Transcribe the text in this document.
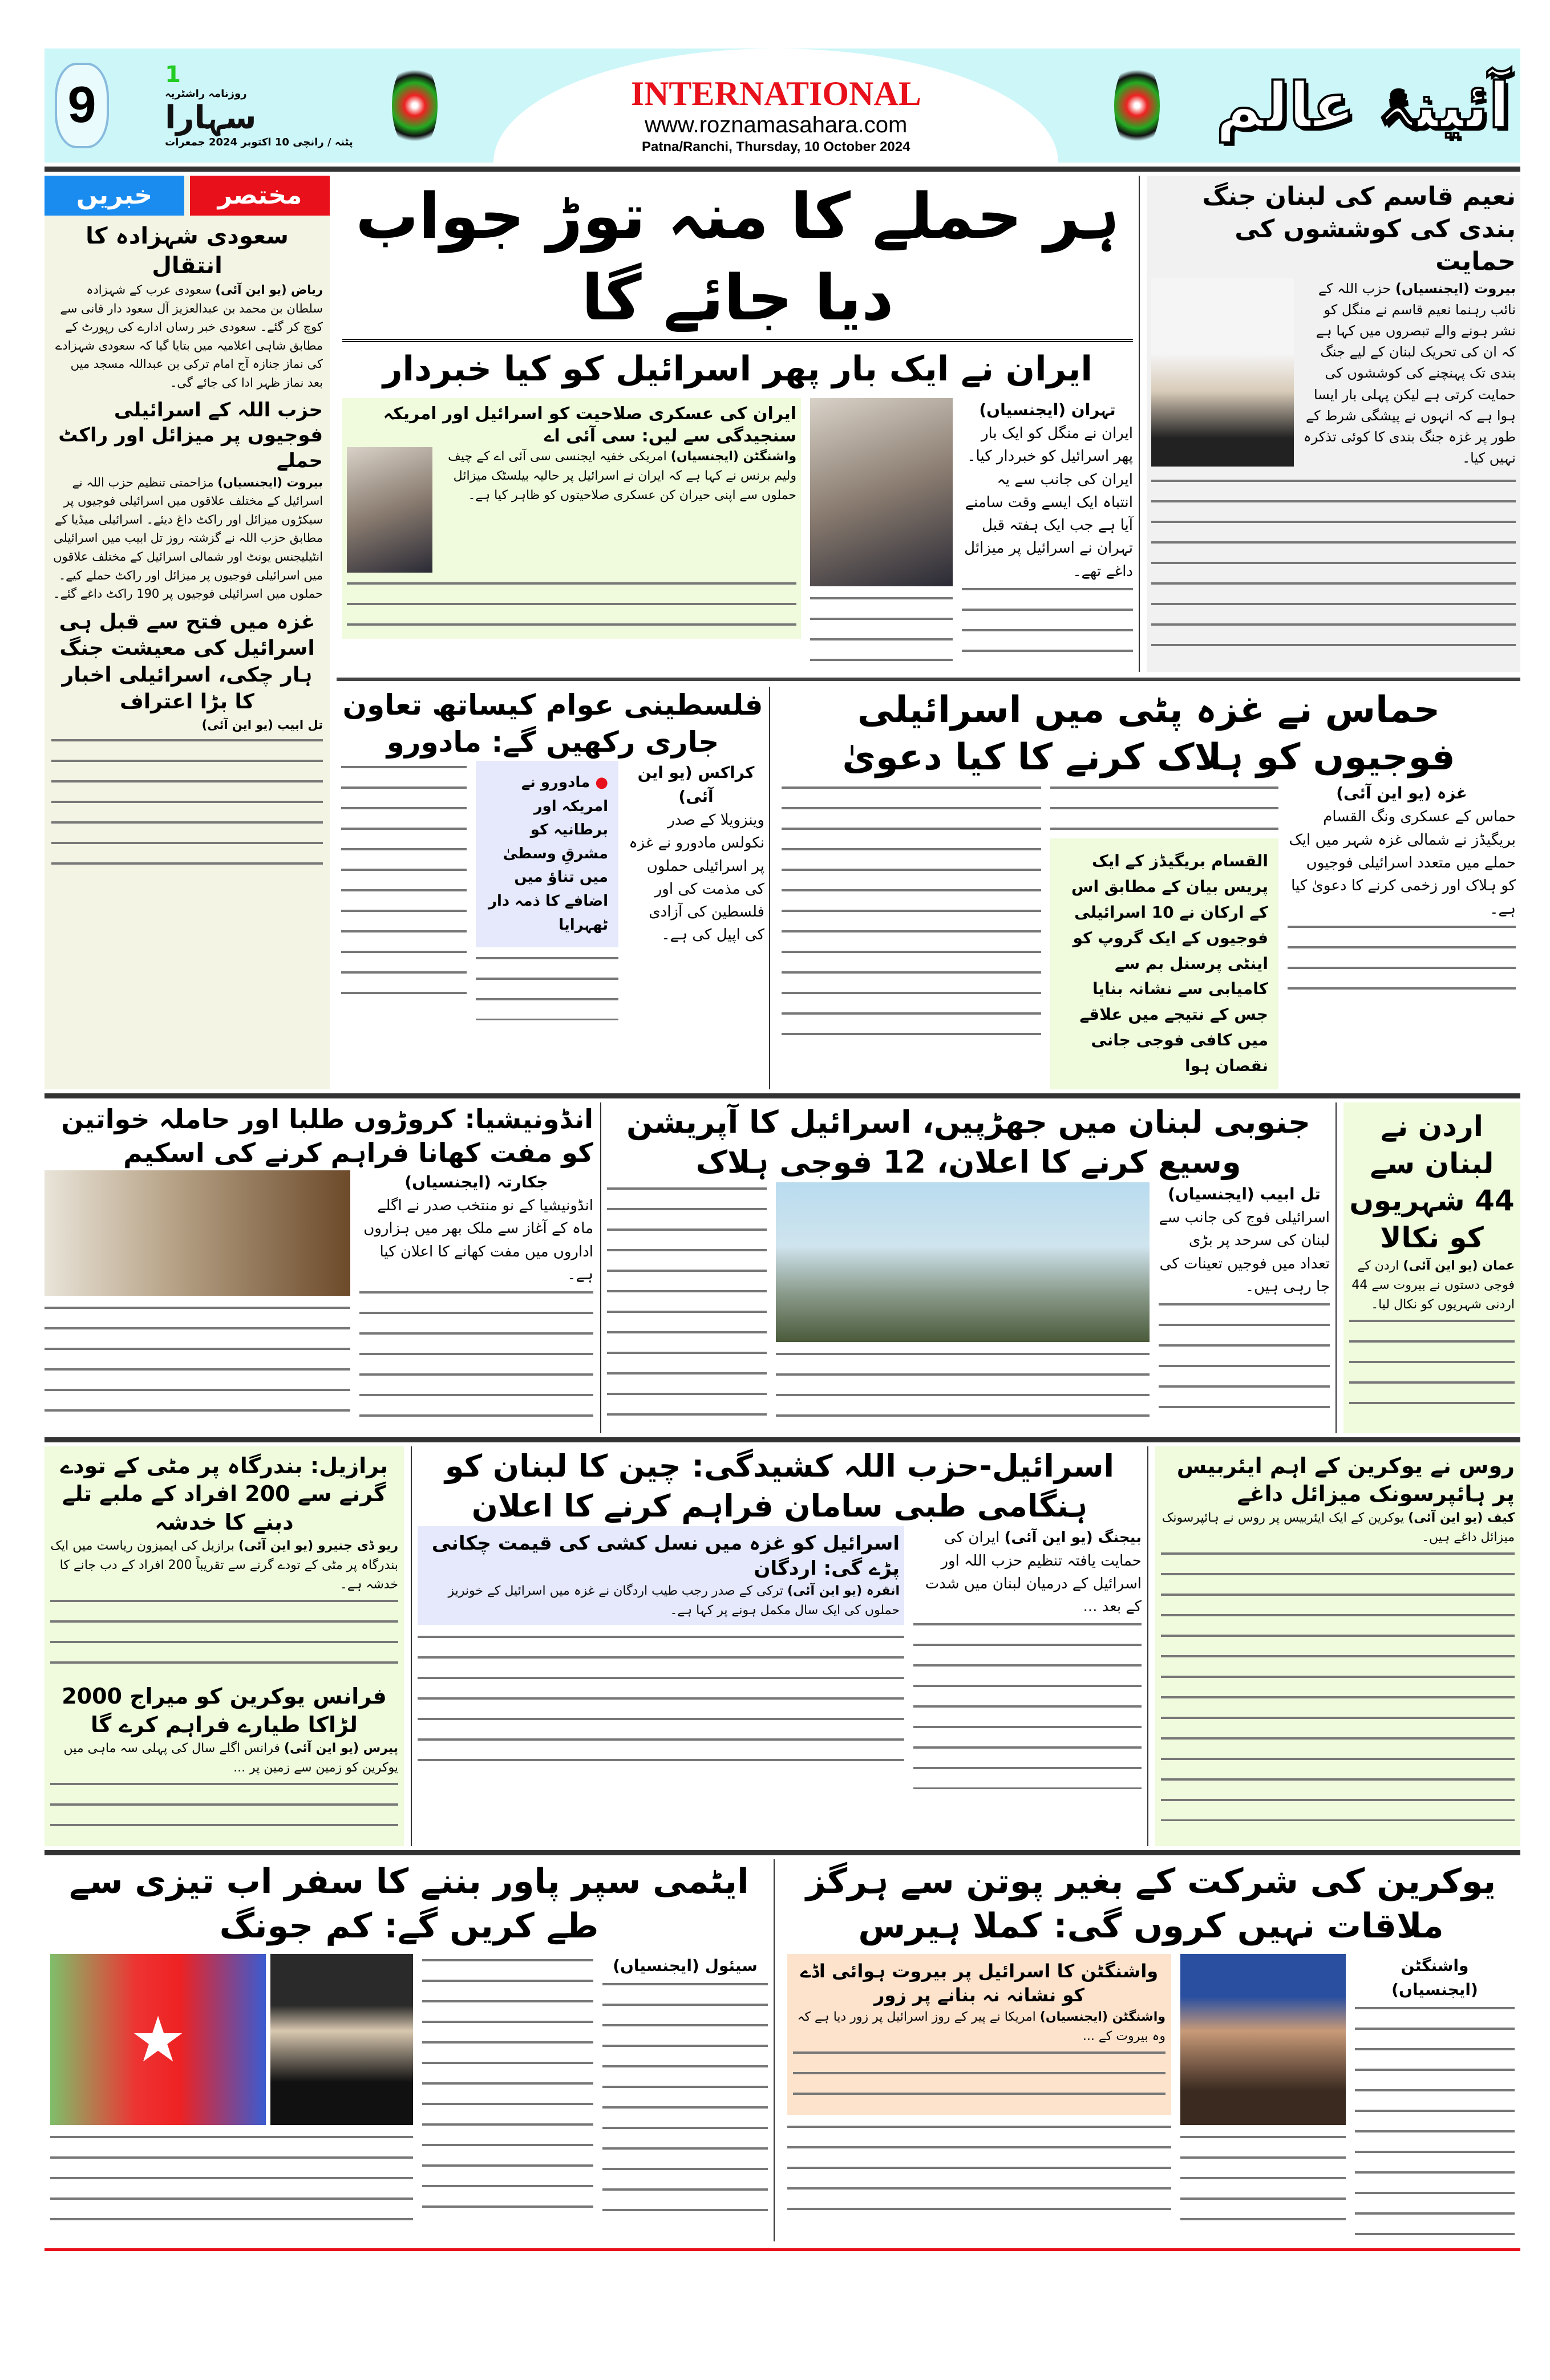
9
1
روزنامہ راشٹریہ
سہارا
پٹنہ / رانچی 10 اکتوبر 2024 جمعرات
INTERNATIONAL
www.roznamasahara.com
Patna/Ranchi, Thursday, 10 October 2024
آئینۂ عالم
خبریں	مختصر
سعودی شہزادہ کا انتقال

ریاض (یو این آئی) سعودی عرب کے شہزادہ سلطان بن محمد بن عبدالعزیز آل سعود دار فانی سے کوچ کر گئے۔ سعودی خبر رساں ادارے کی رپورٹ کے مطابق شاہی اعلامیہ میں بتایا گیا کہ سعودی شہزادے کی نماز جنازہ آج امام ترکی بن عبداللہ مسجد میں بعد نماز ظہر ادا کی جائے گی۔

حزب اللہ کے اسرائیلی فوجیوں پر میزائل اور راکٹ حملے

بیروت (ایجنسیاں) مزاحمتی تنظیم حزب اللہ نے اسرائیل کے مختلف علاقوں میں اسرائیلی فوجیوں پر سیکڑوں میزائل اور راکٹ داغ دیئے۔ اسرائیلی میڈیا کے مطابق حزب اللہ نے گزشتہ روز تل ابیب میں اسرائیلی انٹیلیجنس یونٹ اور شمالی اسرائیل کے مختلف علاقوں میں اسرائیلی فوجیوں پر میزائل اور راکٹ حملے کیے۔ حملوں میں اسرائیلی فوجیوں پر 190 راکٹ داغے گئے۔

غزہ میں فتح سے قبل ہی اسرائیل کی معیشت جنگ ہار چکی، اسرائیلی اخبار کا بڑا اعتراف

تل ابیب (یو این آئی)

نعیم قاسم کی لبنان جنگ بندی کی کوششوں کی حمایت

بیروت (ایجنسیاں) حزب اللہ کے نائب رہنما نعیم قاسم نے منگل کو نشر ہونے والے تبصروں میں کہا ہے کہ ان کی تحریک لبنان کے لیے جنگ بندی تک پہنچنے کی کوششوں کی حمایت کرتی ہے لیکن پہلی بار ایسا ہوا ہے کہ انہوں نے پیشگی شرط کے طور پر غزہ جنگ بندی کا کوئی تذکرہ نہیں کیا۔

ہر حملے کا منہ توڑ جواب دیا جائے گا
ایران نے ایک بار پھر اسرائیل کو کیا خبردار

تہران (ایجنسیاں)

ایران نے منگل کو ایک بار پھر اسرائیل کو خبردار کیا۔ ایران کی جانب سے یہ انتباہ ایک ایسے وقت سامنے آیا ہے جب ایک ہفتہ قبل تہران نے اسرائیل پر میزائل داغے تھے۔

ایران کی عسکری صلاحیت کو اسرائیل اور امریکہ سنجیدگی سے لیں: سی آئی اے

واشنگٹن (ایجنسیاں) امریکی خفیہ ایجنسی سی آئی اے کے چیف ولیم برنس نے کہا ہے کہ ایران نے اسرائیل پر حالیہ بیلسٹک میزائل حملوں سے اپنی حیران کن عسکری صلاحیتوں کو ظاہر کیا ہے۔

حماس نے غزہ پٹی میں اسرائیلی فوجیوں کو ہلاک کرنے کا کیا دعویٰ

غزہ (یو این آئی)

حماس کے عسکری ونگ القسام بریگیڈز نے شمالی غزہ شہر میں ایک حملے میں متعدد اسرائیلی فوجیوں کو ہلاک اور زخمی کرنے کا دعویٰ کیا ہے۔

القسام بریگیڈز کے ایک پریس بیان کے مطابق اس کے ارکان نے 10 اسرائیلی فوجیوں کے ایک گروپ کو اینٹی پرسنل بم سے کامیابی سے نشانہ بنایا جس کے نتیجے میں علاقے میں کافی فوجی جانی نقصان ہوا
فلسطینی عوام کیساتھ تعاون جاری رکھیں گے: مادورو

کراکس (یو این آئی)

وینزویلا کے صدر نکولس مادورو نے غزہ پر اسرائیلی حملوں کی مذمت کی اور فلسطین کی آزادی کی اپیل کی ہے۔

● مادورو نے امریکہ اور برطانیہ کو مشرقِ وسطیٰ میں تناؤ میں اضافے کا ذمہ دار ٹھہرایا
اردن نے لبنان سے 44 شہریوں کو نکالا

عمان (یو این آئی) اردن کے فوجی دستوں نے بیروت سے 44 اردنی شہریوں کو نکال لیا۔

جنوبی لبنان میں جھڑپیں، اسرائیل کا آپریشن وسیع کرنے کا اعلان، 12 فوجی ہلاک

تل ابیب (ایجنسیاں)

اسرائیلی فوج کی جانب سے لبنان کی سرحد پر بڑی تعداد میں فوجیں تعینات کی جا رہی ہیں۔

انڈونیشیا: کروڑوں طلبا اور حاملہ خواتین کو مفت کھانا فراہم کرنے کی اسکیم

جکارتہ (ایجنسیاں)

انڈونیشیا کے نو منتخب صدر نے اگلے ماہ کے آغاز سے ملک بھر میں ہزاروں اداروں میں مفت کھانے کا اعلان کیا ہے۔

روس نے یوکرین کے اہم ایئربیس پر ہائپرسونک میزائل داغے

کیف (یو این آئی) یوکرین کے ایک ایئربیس پر روس نے ہائپرسونک میزائل داغے ہیں۔

اسرائیل-حزب اللہ کشیدگی: چین کا لبنان کو ہنگامی طبی سامان فراہم کرنے کا اعلان

بیجنگ (یو این آئی) ایران کی حمایت یافتہ تنظیم حزب اللہ اور اسرائیل کے درمیان لبنان میں شدت کے بعد ...

اسرائیل کو غزہ میں نسل کشی کی قیمت چکانی پڑے گی: اردگان

انقرہ (یو این آئی) ترکی کے صدر رجب طیب اردگان نے غزہ میں اسرائیل کے خونریز حملوں کی ایک سال مکمل ہونے پر کہا ہے۔

برازیل: بندرگاہ پر مٹی کے تودے گرنے سے 200 افراد کے ملبے تلے دبنے کا خدشہ

ریو ڈی جنیرو (یو این آئی) برازیل کی ایمیزون ریاست میں ایک بندرگاہ پر مٹی کے تودے گرنے سے تقریباً 200 افراد کے دب جانے کا خدشہ ہے۔

فرانس یوکرین کو میراج 2000 لڑاکا طیارے فراہم کرے گا

پیرس (یو این آئی) فرانس اگلے سال کی پہلی سہ ماہی میں یوکرین کو زمین سے زمین پر ...

یوکرین کی شرکت کے بغیر پوتن سے ہرگز ملاقات نہیں کروں گی: کملا ہیرس

واشنگٹن (ایجنسیاں)

واشنگٹن کا اسرائیل پر بیروت ہوائی اڈے کو نشانہ نہ بنانے پر زور

واشنگٹن (ایجنسیاں) امریکا نے پیر کے روز اسرائیل پر زور دیا ہے کہ وہ بیروت کے ...

ایٹمی سپر پاور بننے کا سفر اب تیزی سے طے کریں گے: کم جونگ

سیئول (ایجنسیاں)

★
